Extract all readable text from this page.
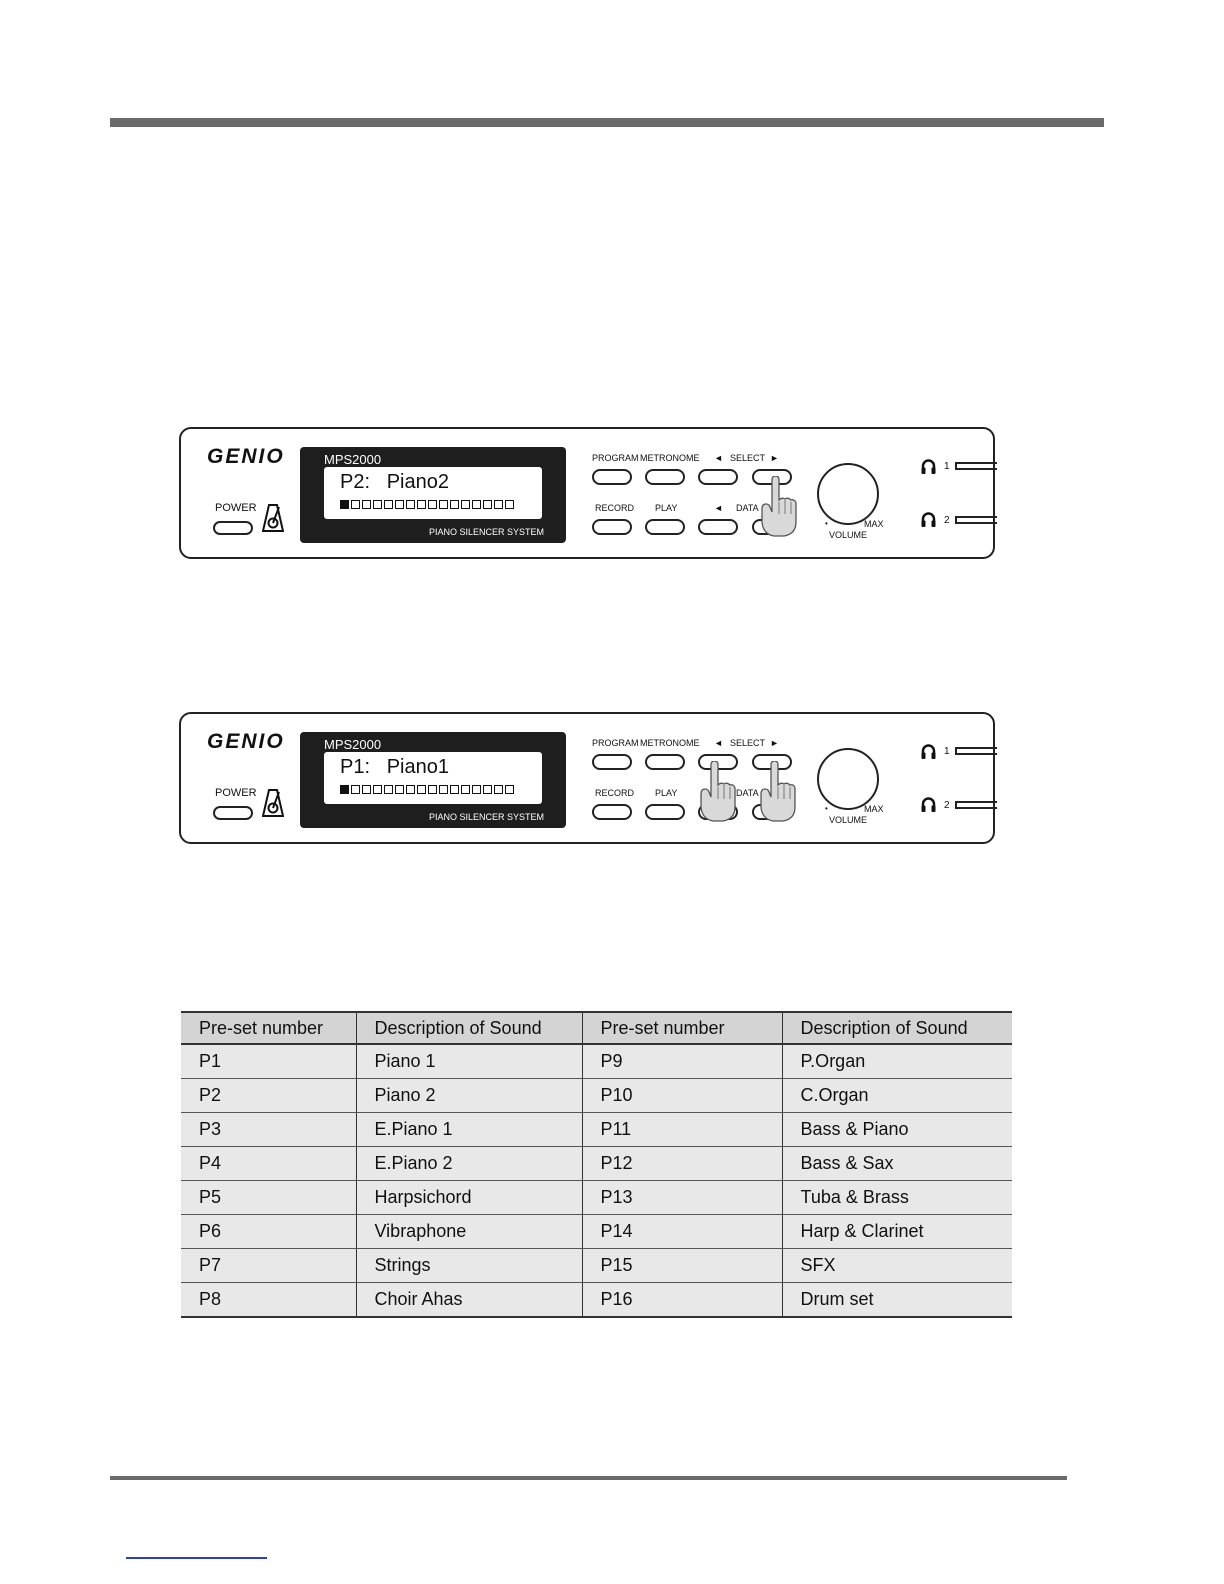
GENIO
POWER
MPS2000
P2:   Piano2
PIANO SILENCER SYSTEM
PROGRAM METRONOME ◄ SELECT ►
RECORD PLAY	◄ DATA
•	MAX
VOLUME
1
2
GENIO
POWER
MPS2000
P1:   Piano1
PIANO SILENCER SYSTEM
PROGRAM METRONOME ◄ SELECT ►
RECORD PLAY	DATA
•	MAX
VOLUME
1
2
Pre-set number	Description of Sound	Pre-set number	Description of Sound
P1	Piano 1	P9	P.Organ
P2	Piano 2	P10	C.Organ
P3	E.Piano 1	P11	Bass & Piano
P4	E.Piano 2	P12	Bass & Sax
P5	Harpsichord	P13	Tuba & Brass
P6	Vibraphone	P14	Harp & Clarinet
P7	Strings	P15	SFX
P8	Choir Ahas	P16	Drum set
